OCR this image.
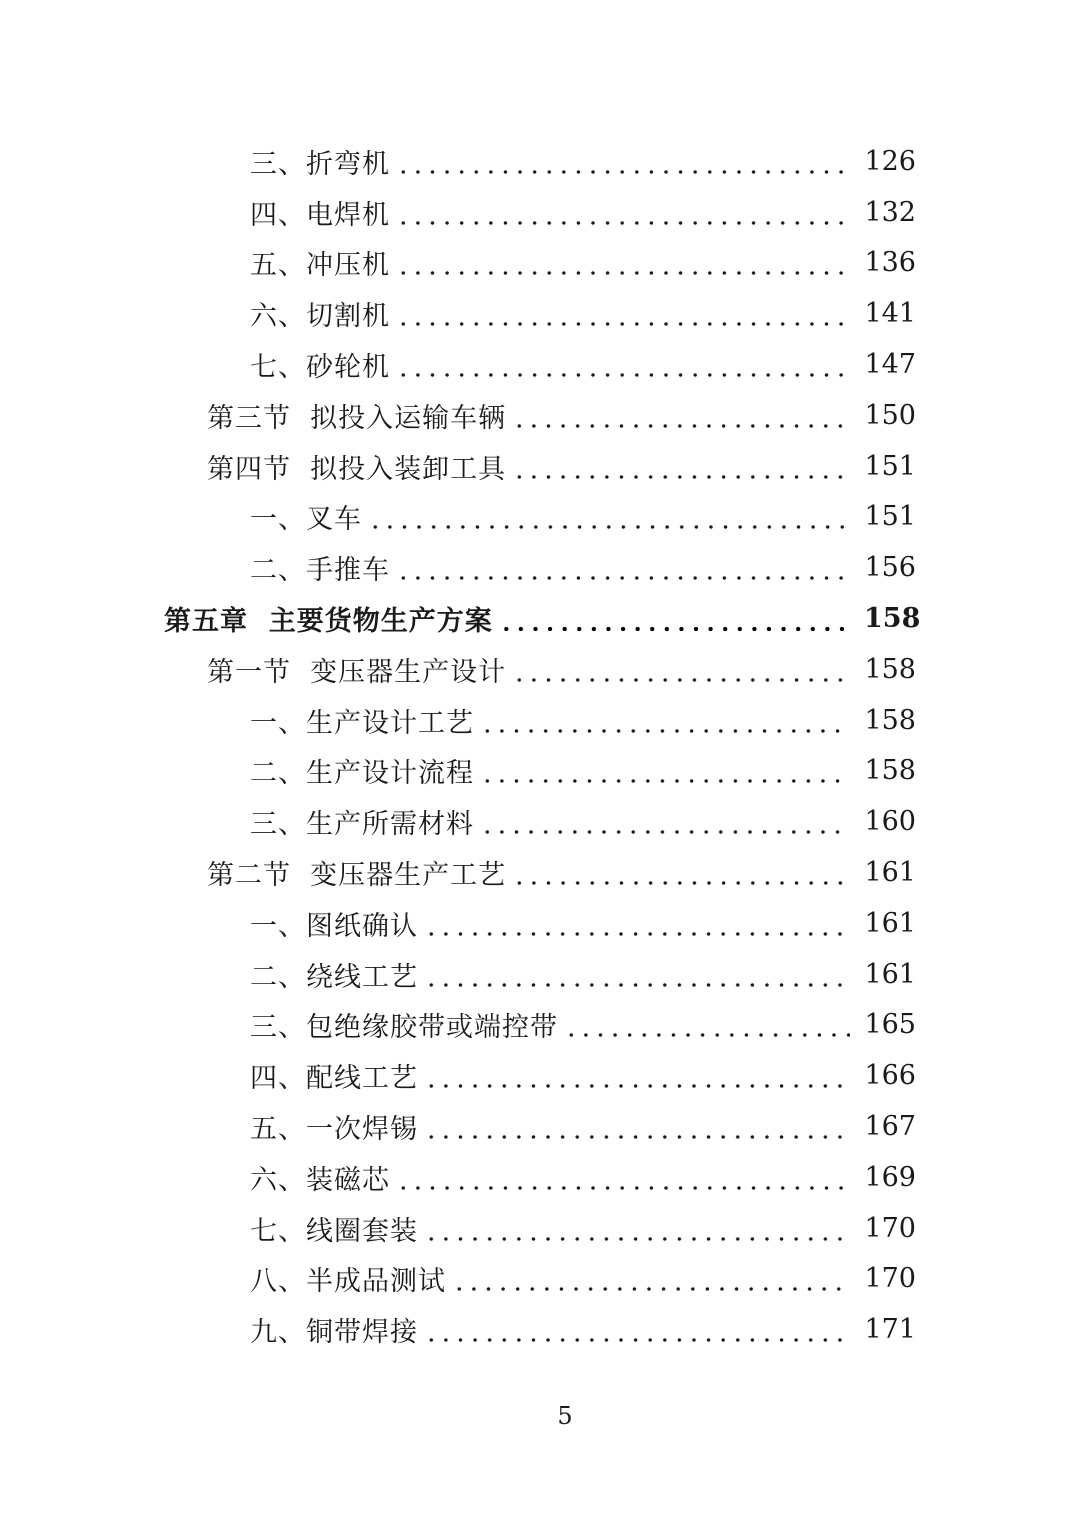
三、折弯机	126
四、电焊机	132
五、冲压机	136
六、切割机	141
七、砂轮机	147
第三节  拟投入运输车辆	150
第四节  拟投入装卸工具	151
一、叉车	151
二、手推车	156
第五章  主要货物生产方案	158
第一节  变压器生产设计	158
一、生产设计工艺	158
二、生产设计流程	158
三、生产所需材料	160
第二节  变压器生产工艺	161
一、图纸确认	161
二、绕线工艺	161
三、包绝缘胶带或端控带	165
四、配线工艺	166
五、一次焊锡	167
六、装磁芯	169
七、线圈套装	170
八、半成品测试	170
九、铜带焊接	171
5
